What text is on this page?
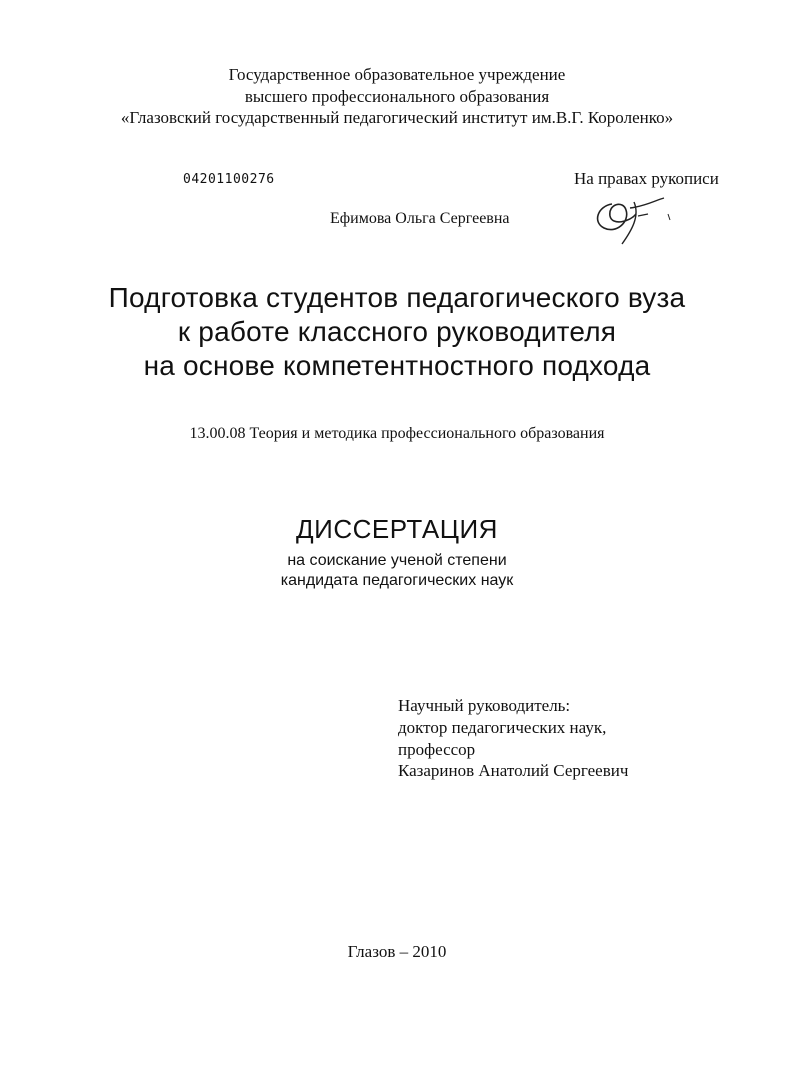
Государственное образовательное учреждение
высшего профессионального образования
«Глазовский государственный педагогический институт им.В.Г. Короленко»
04201100276	На правах рукописи
Ефимова Ольга Сергеевна
Подготовка студентов педагогического вуза
к работе классного руководителя
на основе компетентностного подхода
13.00.08 Теория и методика профессионального образования
ДИССЕРТАЦИЯ
на соискание ученой степени
кандидата педагогических наук
Научный руководитель:
доктор педагогических наук,
профессор
Казаринов Анатолий Сергеевич
Глазов – 2010
